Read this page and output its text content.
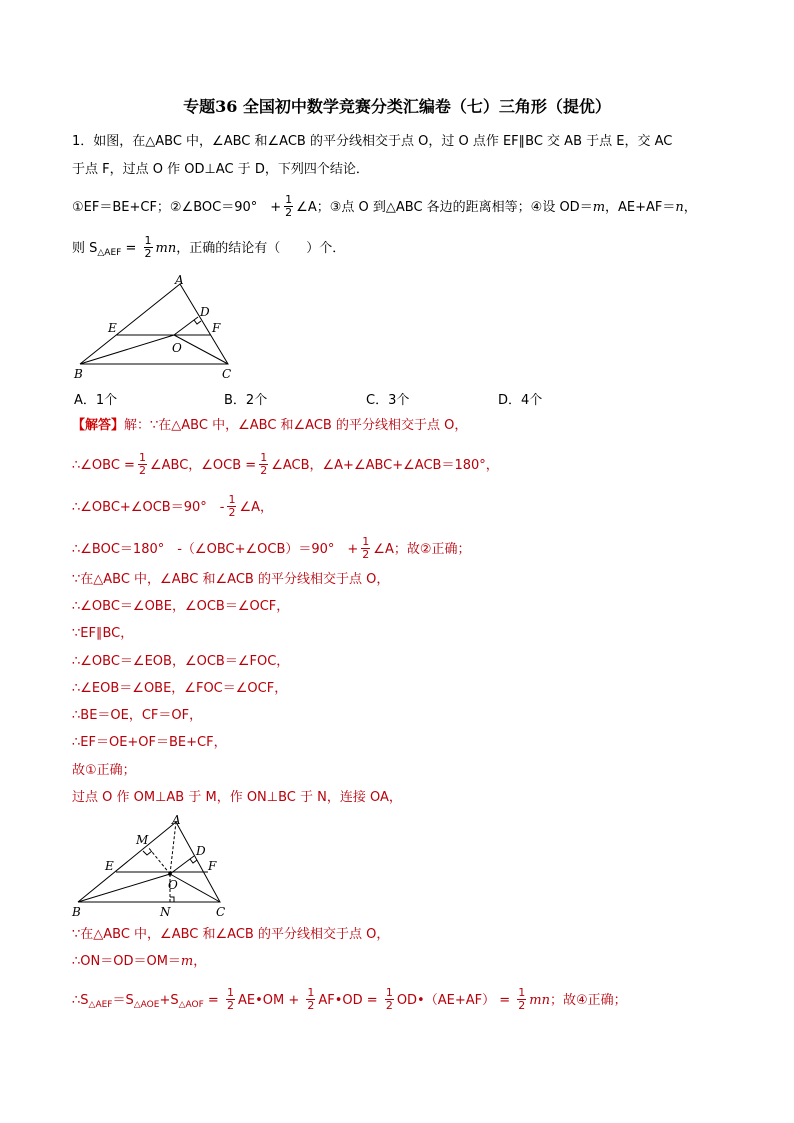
专题36 全国初中数学竞赛分类汇编卷（七）三角形（提优）
1．如图，在△ABC 中，∠ABC 和∠ACB 的平分线相交于点 O，过 O 点作 EF∥BC 交 AB 于点 E，交 AC
于点 F，过点 O 作 OD⊥AC 于 D，下列四个结论．
①EF＝BE+CF；②∠BOC＝90°　+ $\frac{1}{2}$ ∠A；③点 O 到△ABC 各边的距离相等；④设 OD＝m，AE+AF＝n，
则 $S_{\triangle AEF} = \frac{1}{2}$ mn，正确的结论有（　　）个．
A
B	C
D
E	F
O
A．1个	B．2个	C．3个	D．4个
【解答】解：∵在△ABC 中，∠ABC 和∠ACB 的平分线相交于点 O，
∴∠OBC = $\frac{1}{2}$ ∠ABC，∠OCB = $\frac{1}{2}$ ∠ACB，∠A+∠ABC+∠ACB＝180°，
∴∠OBC+∠OCB＝90°　- $\frac{1}{2}$ ∠A，
∴∠BOC＝180°　-（∠OBC+∠OCB）＝90°　+ $\frac{1}{2}$ ∠A；故②正确；
∵在△ABC 中，∠ABC 和∠ACB 的平分线相交于点 O，
∴∠OBC＝∠OBE，∠OCB＝∠OCF，
∵EF∥BC，
∴∠OBC＝∠EOB，∠OCB＝∠FOC，
∴∠EOB＝∠OBE，∠FOC＝∠OCF，
∴BE＝OE，CF＝OF，
∴EF＝OE+OF＝BE+CF，
故①正确；
过点 O 作 OM⊥AB 于 M，作 ON⊥BC 于 N，连接 OA，
A
B	C
D
E	F
O
M
N
∵在△ABC 中，∠ABC 和∠ACB 的平分线相交于点 O，
∴ON＝OD＝OM＝m，
$\therefore S_{\triangle AEF}=S_{\triangle AOE}+S_{\triangle AOF} = \frac{1}{2}$ AE•OM + $\frac{1}{2}$ AF•OD = $\frac{1}{2}$ OD•（AE+AF） = $\frac{1}{2}$ mn；故④正确；
